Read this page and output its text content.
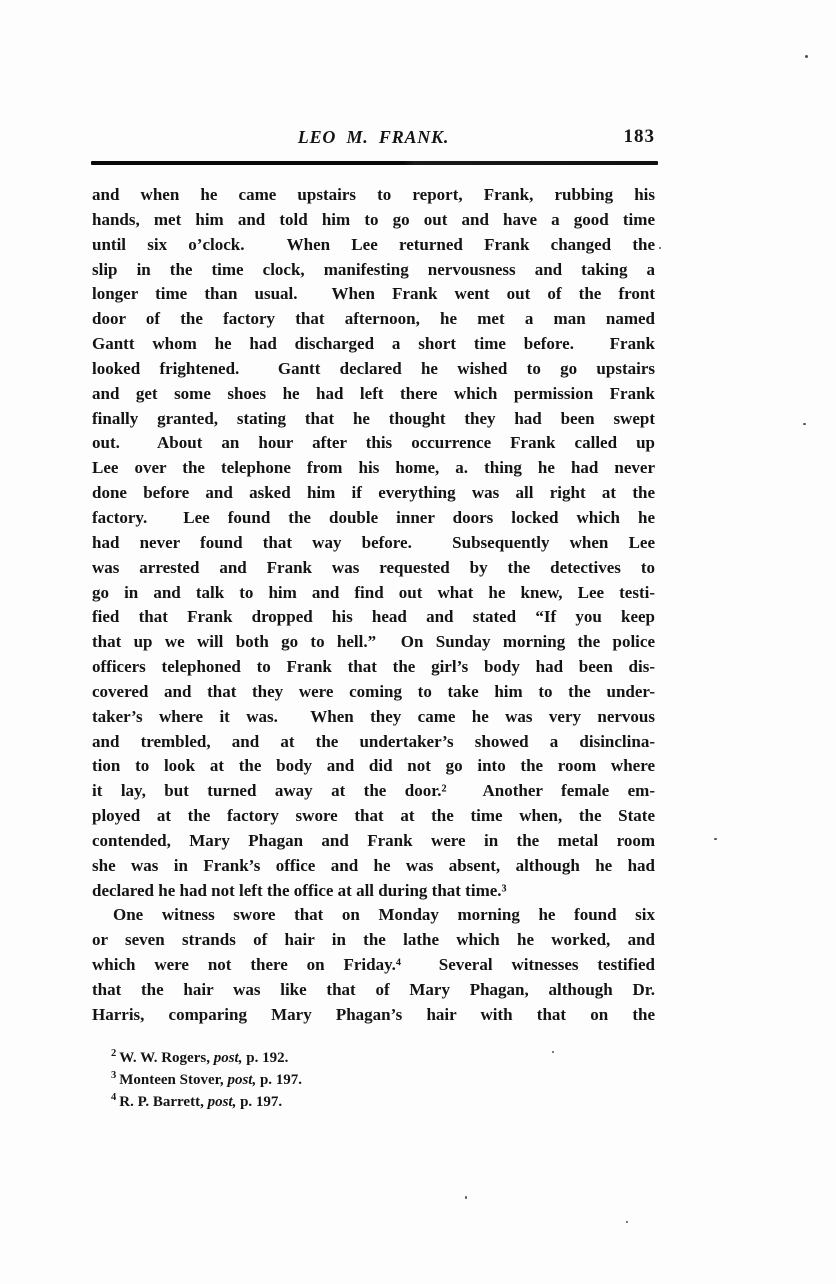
LEO M. FRANK.	183
and when he came upstairs to report, Frank, rubbing his
hands, met him and told him to go out and have a good time
until six o’clock.  When Lee returned Frank changed the
slip in the time clock, manifesting nervousness and taking a
longer time than usual.  When Frank went out of the front
door of the factory that afternoon, he met a man named
Gantt whom he had discharged a short time before.  Frank
looked frightened.  Gantt declared he wished to go upstairs
and get some shoes he had left there which permission Frank
finally granted, stating that he thought they had been swept
out.  About an hour after this occurrence Frank called up
Lee over the telephone from his home, a. thing he had never
done before and asked him if everything was all right at the
factory.  Lee found the double inner doors locked which he
had never found that way before.  Subsequently when Lee
was arrested and Frank was requested by the detectives to
go in and talk to him and find out what he knew, Lee testi-
fied that Frank dropped his head and stated “If you keep
that up we will both go to hell.”  On Sunday morning the police
officers telephoned to Frank that the girl’s body had been dis-
covered and that they were coming to take him to the under-
taker’s where it was.  When they came he was very nervous
and trembled, and at the undertaker’s showed a disinclina-
tion to look at the body and did not go into the room where
it lay, but turned away at the door.²  Another female em-
ployed at the factory swore that at the time when, the State
contended, Mary Phagan and Frank were in the metal room
she was in Frank’s office and he was absent, although he had
declared he had not left the office at all during that time.³
One witness swore that on Monday morning he found six
or seven strands of hair in the lathe which he worked, and
which were not there on Friday.⁴  Several witnesses testified
that the hair was like that of Mary Phagan, although Dr.
Harris, comparing Mary Phagan’s hair with that on the
$^2$ W. W. Rogers, post, p. 192.
$^3$ Monteen Stover, post, p. 197.
$^4$ R. P. Barrett, post, p. 197.
